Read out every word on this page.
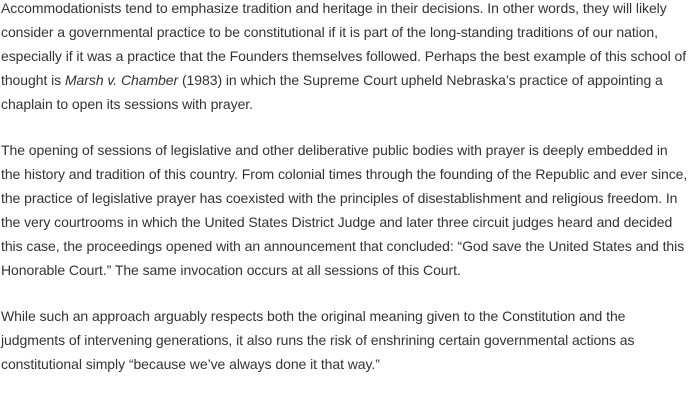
Accommodationists tend to emphasize tradition and heritage in their decisions. In other words, they will likely
consider a governmental practice to be constitutional if it is part of the long-standing traditions of our nation,
especially if it was a practice that the Founders themselves followed. Perhaps the best example of this school of
thought is Marsh v. Chamber (1983) in which the Supreme Court upheld Nebraska’s practice of appointing a
chaplain to open its sessions with prayer.

The opening of sessions of legislative and other deliberative public bodies with prayer is deeply embedded in
the history and tradition of this country. From colonial times through the founding of the Republic and ever since,
the practice of legislative prayer has coexisted with the principles of disestablishment and religious freedom. In
the very courtrooms in which the United States District Judge and later three circuit judges heard and decided
this case, the proceedings opened with an announcement that concluded: “God save the United States and this
Honorable Court.” The same invocation occurs at all sessions of this Court.

While such an approach arguably respects both the original meaning given to the Constitution and the
judgments of intervening generations, it also runs the risk of enshrining certain governmental actions as
constitutional simply “because we’ve always done it that way.”
